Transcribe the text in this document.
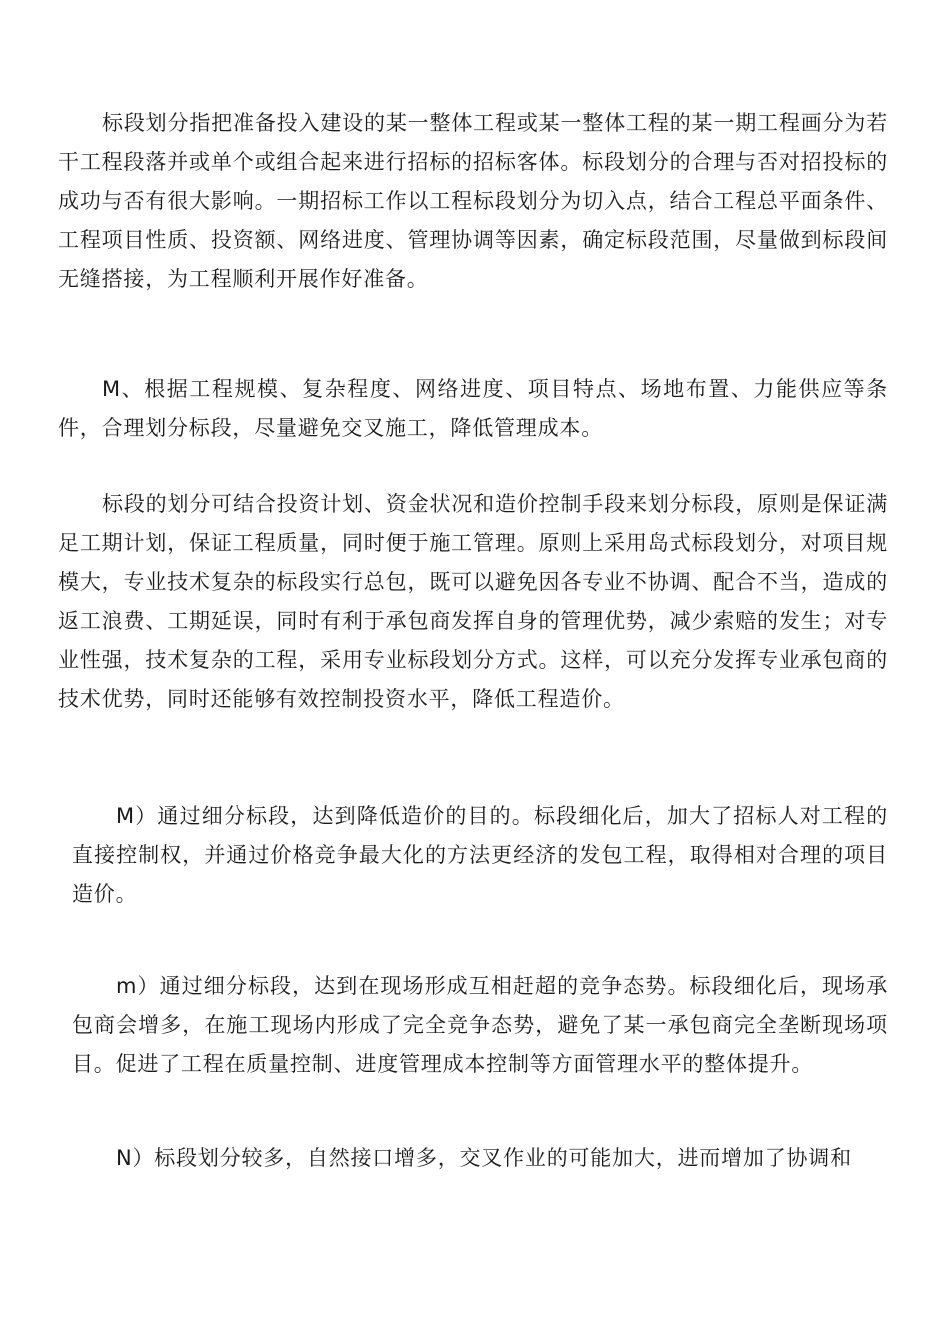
标段划分指把准备投入建设的某一整体工程或某一整体工程的某一期工程画分为若干工程段落并或单个或组合起来进行招标的招标客体。标段划分的合理与否对招投标的成功与否有很大影响。一期招标工作以工程标段划分为切入点，结合工程总平面条件、工程项目性质、投资额、网络进度、管理协调等因素，确定标段范围，尽量做到标段间无缝搭接，为工程顺利开展作好准备。

M、根据工程规模、复杂程度、网络进度、项目特点、场地布置、力能供应等条件，合理划分标段，尽量避免交叉施工，降低管理成本。

标段的划分可结合投资计划、资金状况和造价控制手段来划分标段，原则是保证满足工期计划，保证工程质量，同时便于施工管理。原则上采用岛式标段划分，对项目规模大，专业技术复杂的标段实行总包，既可以避免因各专业不协调、配合不当，造成的返工浪费、工期延误，同时有利于承包商发挥自身的管理优势，减少索赔的发生；对专业性强，技术复杂的工程，采用专业标段划分方式。这样，可以充分发挥专业承包商的技术优势，同时还能够有效控制投资水平，降低工程造价。

M）通过细分标段，达到降低造价的目的。标段细化后，加大了招标人对工程的直接控制权，并通过价格竞争最大化的方法更经济的发包工程，取得相对合理的项目造价。

m）通过细分标段，达到在现场形成互相赶超的竞争态势。标段细化后，现场承包商会增多，在施工现场内形成了完全竞争态势，避免了某一承包商完全垄断现场项目。促进了工程在质量控制、进度管理成本控制等方面管理水平的整体提升。

N）标段划分较多，自然接口增多，交叉作业的可能加大，进而增加了协调和
